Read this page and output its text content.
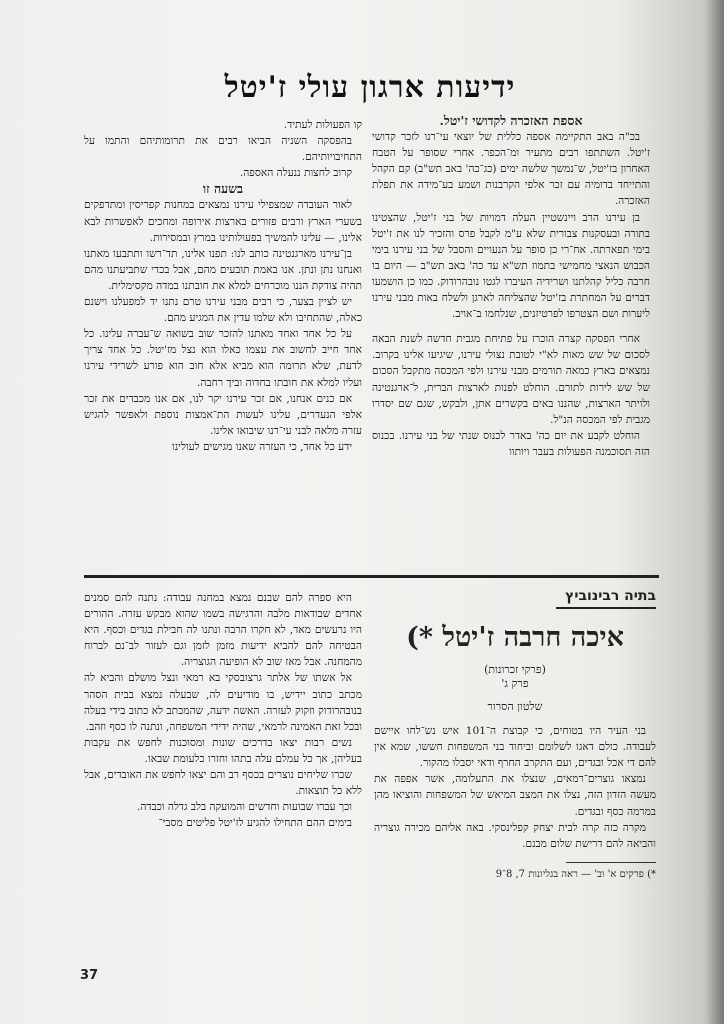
ידיעות ארגון עולי ז'יטל

אספת האזכרה לקדושי ז'יטל.

בכ"ה באב התקיימה אספה כללית של יוצאי עי־רנו לזכר קדושי ז'יטל. השתתפו רבים מתעיר ומ־הכפר. אחרי שסופר על הטבח האחרון בז'יטל, ש־נמשך שלשה ימים (כג־כה' באב תש"ב) קם הקהל והתייחד בדומיה עם זכר אלפי הקרבנות ושמע בע־מידה את תפלת האזכרה.

בן עירנו הרב ויינשטיין העלה דמויות של בני ז'יטל, שהצטינו בתורה ובעסקנות צבורית שלא ע"מ לקבל פרס והזכיר לנו את ז'יטל בימי תפארתה. אח־רי כן סופר על הנעויים והסבל של בני עירנו בימי הכבוש הנאצי מחמישי בתמוז תש"א עד כה' באב תש"ב — היום בו חרבה כליל קהלתנו ושרידיה העיברו לגטו נובהרודוק. כמו כן הושמעו דברים על המחתרת בז'יטל שהצליחה לארגן ולשלח באות מבני עירנו ליערות ושם הצטרפו לפרטיזנים, שנלחמו ב־אויב.

אחרי הפסקה קצרה הוכרז על פתיחת מגבית חדשה לשנת הבאה לסכום של שש מאות לא"י לטובת נצולי עירנו, שיגיעו אלינו בקרוב. נמצאים בארץ כמאה תורמים מבני עירנו ולפי המכסה מתקבל הסכום של שש לירות לתורם. הוחלט לפנות לארצות הברית, ל־ארגנטינה ולויתר הארצות, שהננו באים בקשרים אתן, ולבקש, שגם שם יסדרו מגבית לפי המכסה הנ"ל.

הוחלט לקבע את יום כה' באדר לכנוס שנתי של בני עירנו. בכנוס הזה תסוכמנה הפעולות בעבר ויותוו

קו הפעולות לעתיד.

בהפסקה השניה הביאו רבים את תרומותיהם והתמו על התחיבויותיהם.

קרוב לחצות ננעלה האספה.

בשעה זו

לאור העובדה שמצפילי עירנו נמצאים במחנות קפריסין ומתדפקים בשערי הארץ ורבים פזורים בארצות אירופה ומחכים לאפשרות לבא אלינו, — עלינו להמשיך בפעולותינו במרץ ובמסירות.

בן־עירנו מארגנטינה כותב לנו: תפנו אלינו, תד־רשו ותתבעו מאתנו ואנחנו נתן ונתן. אנו באמת תובעים מהם, אבל בכדי שתביעתנו מהם תהיה צודקת הננו מוכרחים למלא את חובתנו במדה מקסימלית.

יש לציין בצער, כי רבים מבני עירנו טרם נתנו יד למפעלנו וישנם כאלה, שהתחיבו ולא שלמו עדין את המגיע מהם.

על כל אחד ואחד מאתנו להזכר שוב בשואה ש־עברה עלינו. כל אחד חייב לחשוב את עצמו כאלו הוא נצל מז'יטל. כל אחד צריך לדעת, שלא תרומה הוא מביא אלא חוב הוא פורע לשרידי עירנו ועליו למלא את חובתו בחדוה ובידַ רחבה.

אם כנים אנחנו, אם זכר עירנו יקר לנו, אם אנו מכבדים את זכר אלפי הנעדרים, עלינו לעשות הת־אמצות נוספת ולאפשר להגיש עזרה מלאה לבני עי־רנו שיבואו אלינו.

ידע כל אחד, כי העזרה שאנו מגישים לעולינו

בתיה רבינוביץ

איכה חרבה ז'יטל *)

(פרקי זכרונות)

פרק ג'

שלטון הסרור

בני העיר היו בטוחים, כי קבוצת ה־101 איש נש־לחו איישם לעבודה. כולם דאגו לשלומם וביחוד בני המשפחות חששו, שמא אין להם די אכל ובגדים, ועם התקרב החרף ודאי יסבלו מהקור.

נמצאו גוצרים־רמאים, שנצלו את התעלומה, אשר אפפה את מעשה הזדון הזה, נצלו את המצב המיאש של המשפחות והוציאו מהן במרמה כסף ובגדים.

מקרה כזה קרה לבית יצחק קפלינסקי. באה אליהם מכירה גוצריה והביאה להם דרישת שלום מבנם.

*) פרקים א' וב' — ראה בגליונות 7, 8־9

היא ספרה להם שבנם נמצא במחנה עבודה: נתנה להם סמנים אחדים שבודאות מלבה והדגישה בשמו שהוא מבקש עזרה. ההורים היו נרעשים מאד, לא חקרו הרבה ונתנו לה חבילת בגדים וכסף. היא הבטיחה להם להביא ידיעות מזמן לזמן וגם לעזור לב־נם לברוח מהמחנה. אבל מאז שוב לא הופיעה הגוצריה.

אל אשתו של אלתר גרצובסקי בא רמאי ונצל מושלם והביא לה מכתב כתוב יידיש, בו מודיעים לה, שבעלה נמצא בבית הסהר בנובהרודוק וזקוק לעזרה. האשה ידעה, שהמכתב לא כתוב בידי בעלה ובכל זאת האמינה לרמאי, שהיה ידידי המשפחה, ונתנה לו כסף וזהב.

נשים רבות יצאו בדרכים שונות ומסוכנות לחפש את עקבות בעליהן, אך כל עמלם עלה בתהו וחזרו כלעומת שבאו.

שכרו שליחים נוצרים בכסף רב והם יצאו לחפש את האובדים, אבל ללא כל תוצאות.

וכך עברו שבועות וחדשים והמועקה בלב גדלה וכבדה.

בימים ההם התחילו להגיע לז'יטל פליטים מסבי־

37
